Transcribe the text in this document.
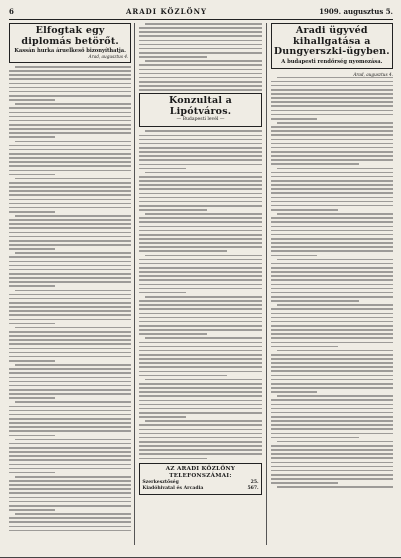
6	ARADI KÖZLÖNY	1909. augusztus 5.
Elfogtak egy diplomás betörőt.
Kassán hurka áruelkeső bizonyíthatja.
Arad, augusztus 4.
Konzultal a Lipótváros.
— Budapesti levél —
AZ ARADI KÖZLÖNY TELEFONSZÁMAI:
Szerkesztőség	25.
Kiadóhivatal és Arcadia	567.
Aradi ügyvéd kihallgatása a Dungyerszki-ügyben.
A budapesti rendőrség nyomozása.
Arad, augusztus 4.
